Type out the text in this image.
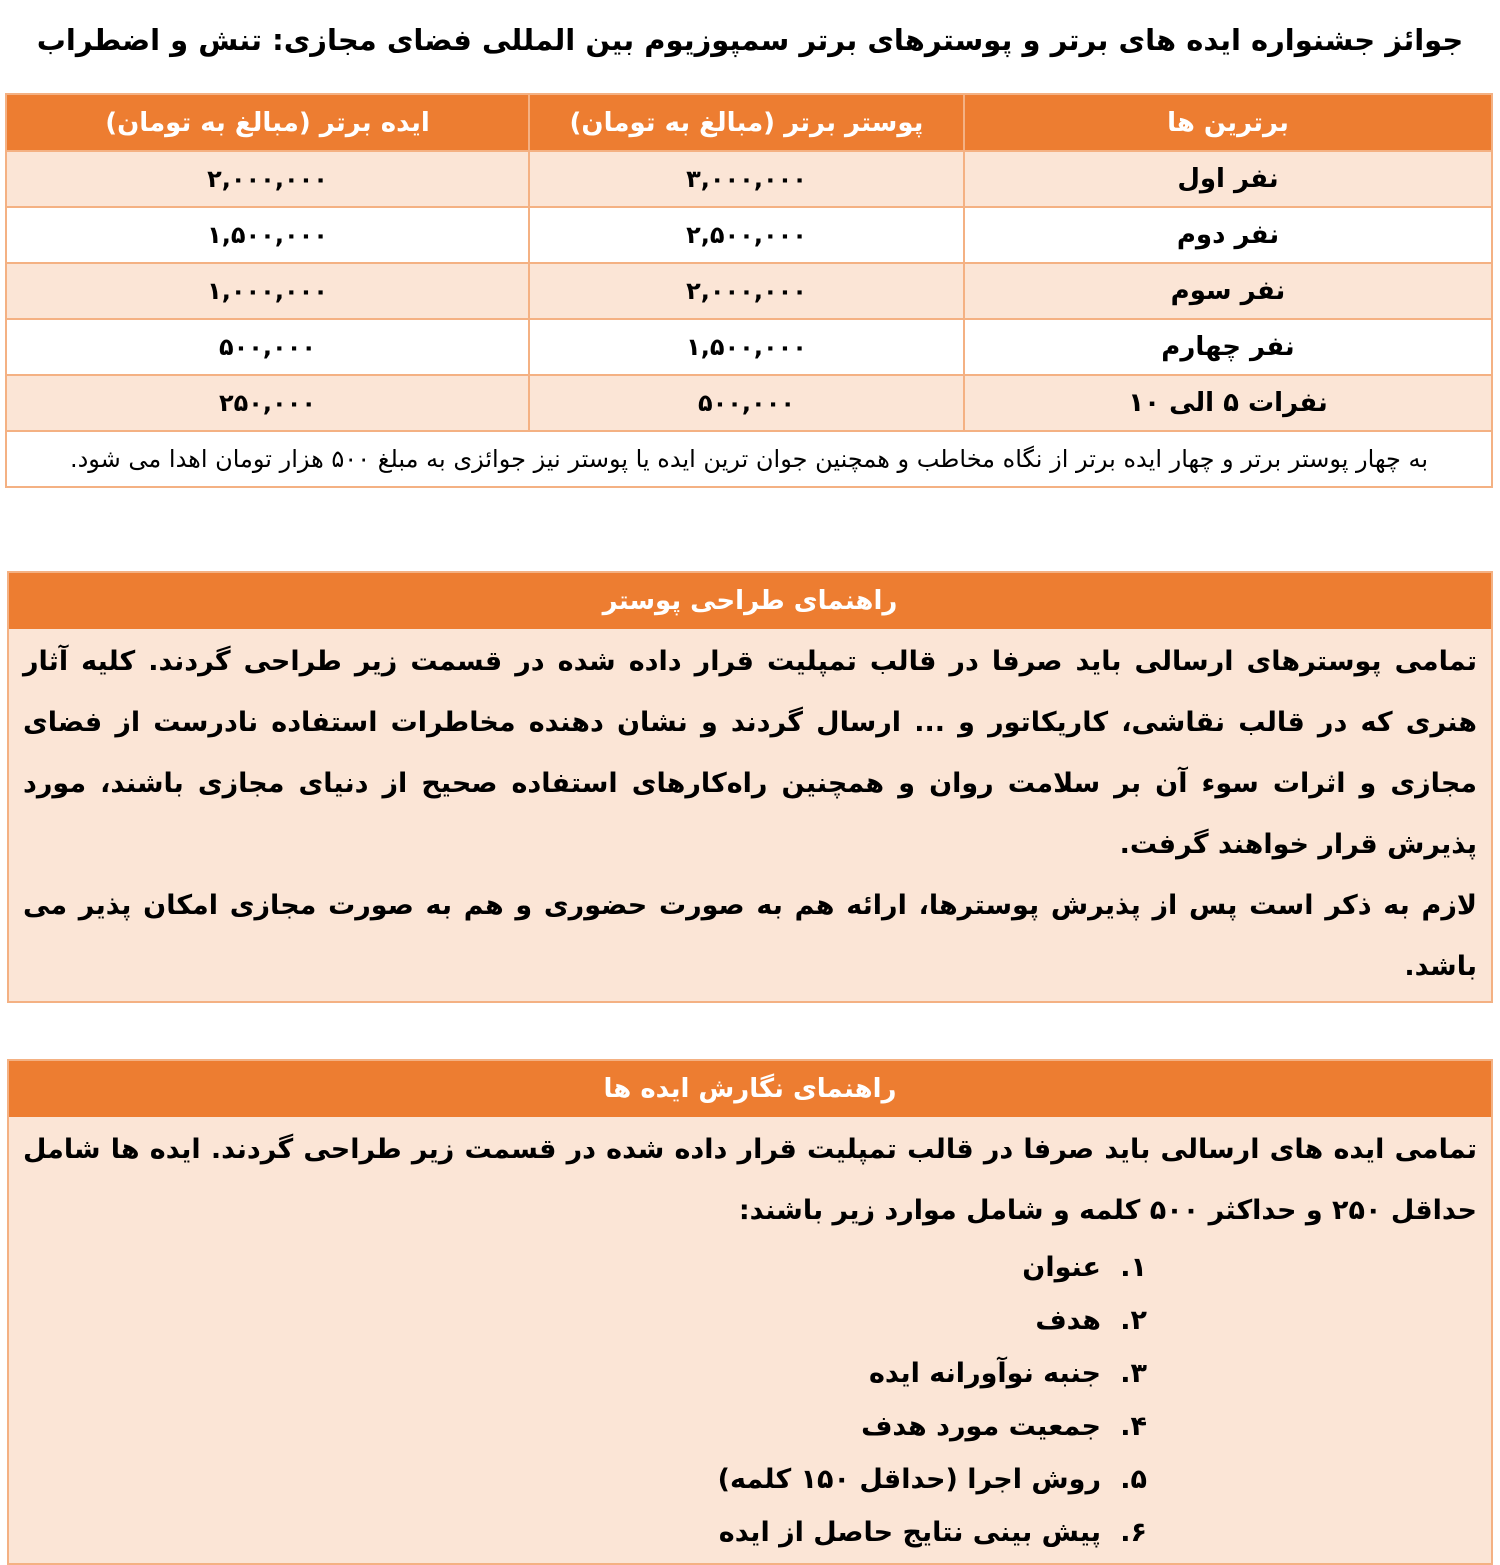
جوائز جشنواره ایده های برتر و پوسترهای برتر سمپوزیوم بین المللی فضای مجازی: تنش و اضطراب
برترین ها	پوستر برتر (مبالغ به تومان)	ایده برتر (مبالغ به تومان)
نفر اول	۳,۰۰۰,۰۰۰	۲,۰۰۰,۰۰۰
نفر دوم	۲,۵۰۰,۰۰۰	۱,۵۰۰,۰۰۰
نفر سوم	۲,۰۰۰,۰۰۰	۱,۰۰۰,۰۰۰
نفر چهارم	۱,۵۰۰,۰۰۰	۵۰۰,۰۰۰
نفرات ۵ الی ۱۰	۵۰۰,۰۰۰	۲۵۰,۰۰۰
به چهار پوستر برتر و چهار ایده برتر از نگاه مخاطب و همچنین جوان ترین ایده یا پوستر نیز جوائزی به مبلغ ۵۰۰ هزار تومان اهدا می شود.		
راهنمای طراحی پوستر

تمامی پوسترهای ارسالی باید صرفا در قالب تمپلیت قرار داده شده در قسمت زیر طراحی گردند. کلیه آثار هنری که در قالب نقاشی، کاریکاتور و ... ارسال گردند و نشان دهنده مخاطرات استفاده نادرست از فضای مجازی و اثرات سوء آن بر سلامت روان و همچنین راه‌کارهای استفاده صحیح از دنیای مجازی باشند، مورد پذیرش قرار خواهند گرفت.

لازم به ذکر است پس از پذیرش پوسترها، ارائه هم به صورت حضوری و هم به صورت مجازی امکان پذیر می باشد.

راهنمای نگارش ایده ها

تمامی ایده های ارسالی باید صرفا در قالب تمپلیت قرار داده شده در قسمت زیر طراحی گردند. ایده ها شامل حداقل ۲۵۰ و حداکثر ۵۰۰ کلمه و شامل موارد زیر باشند:

۱.عنوان
۲.هدف
۳.جنبه نوآورانه ایده
۴.جمعیت مورد هدف
۵.روش اجرا (حداقل ۱۵۰ کلمه)
۶.پیش بینی نتایج حاصل از ایده
